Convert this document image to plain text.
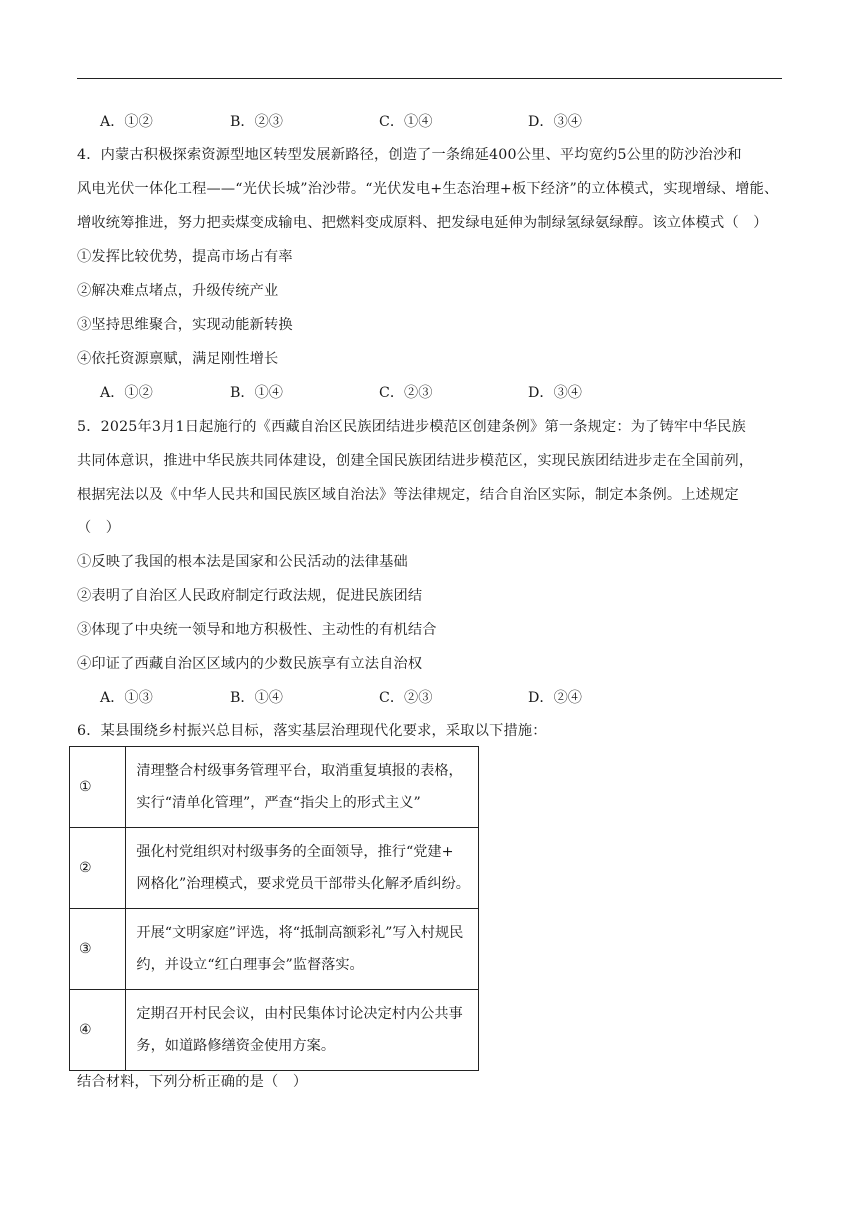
A．①②	B．②③	C．①④	D．③④
4．内蒙古积极探索资源型地区转型发展新路径，创造了一条绵延400公里、平均宽约5公里的防沙治沙和
风电光伏一体化工程——“光伏长城”治沙带。“光伏发电+生态治理+板下经济”的立体模式，实现增绿、增能、
增收统筹推进，努力把卖煤变成输电、把燃料变成原料、把发绿电延伸为制绿氢绿氨绿醇。该立体模式（　）
①发挥比较优势，提高市场占有率
②解决难点堵点，升级传统产业
③坚持思维聚合，实现动能新转换
④依托资源禀赋，满足刚性增长
A．①②	B．①④	C．②③	D．③④
5．2025年3月1日起施行的《西藏自治区民族团结进步模范区创建条例》第一条规定：为了铸牢中华民族
共同体意识，推进中华民族共同体建设，创建全国民族团结进步模范区，实现民族团结进步走在全国前列，
根据宪法以及《中华人民共和国民族区域自治法》等法律规定，结合自治区实际，制定本条例。上述规定
（　）
①反映了我国的根本法是国家和公民活动的法律基础
②表明了自治区人民政府制定行政法规，促进民族团结
③体现了中央统一领导和地方积极性、主动性的有机结合
④印证了西藏自治区区域内的少数民族享有立法自治权
A．①③	B．①④	C．②③	D．②④
6．某县围绕乡村振兴总目标，落实基层治理现代化要求，采取以下措施：
①	清理整合村级事务管理平台，取消重复填报的表格，
实行“清单化管理”，严查“指尖上的形式主义”

②	强化村党组织对村级事务的全面领导，推行“党建+
网格化”治理模式，要求党员干部带头化解矛盾纠纷。

③	开展“文明家庭”评选，将“抵制高额彩礼”写入村规民
约，并设立“红白理事会”监督落实。

④	定期召开村民会议，由村民集体讨论决定村内公共事
务，如道路修缮资金使用方案。
结合材料，下列分析正确的是（　）
